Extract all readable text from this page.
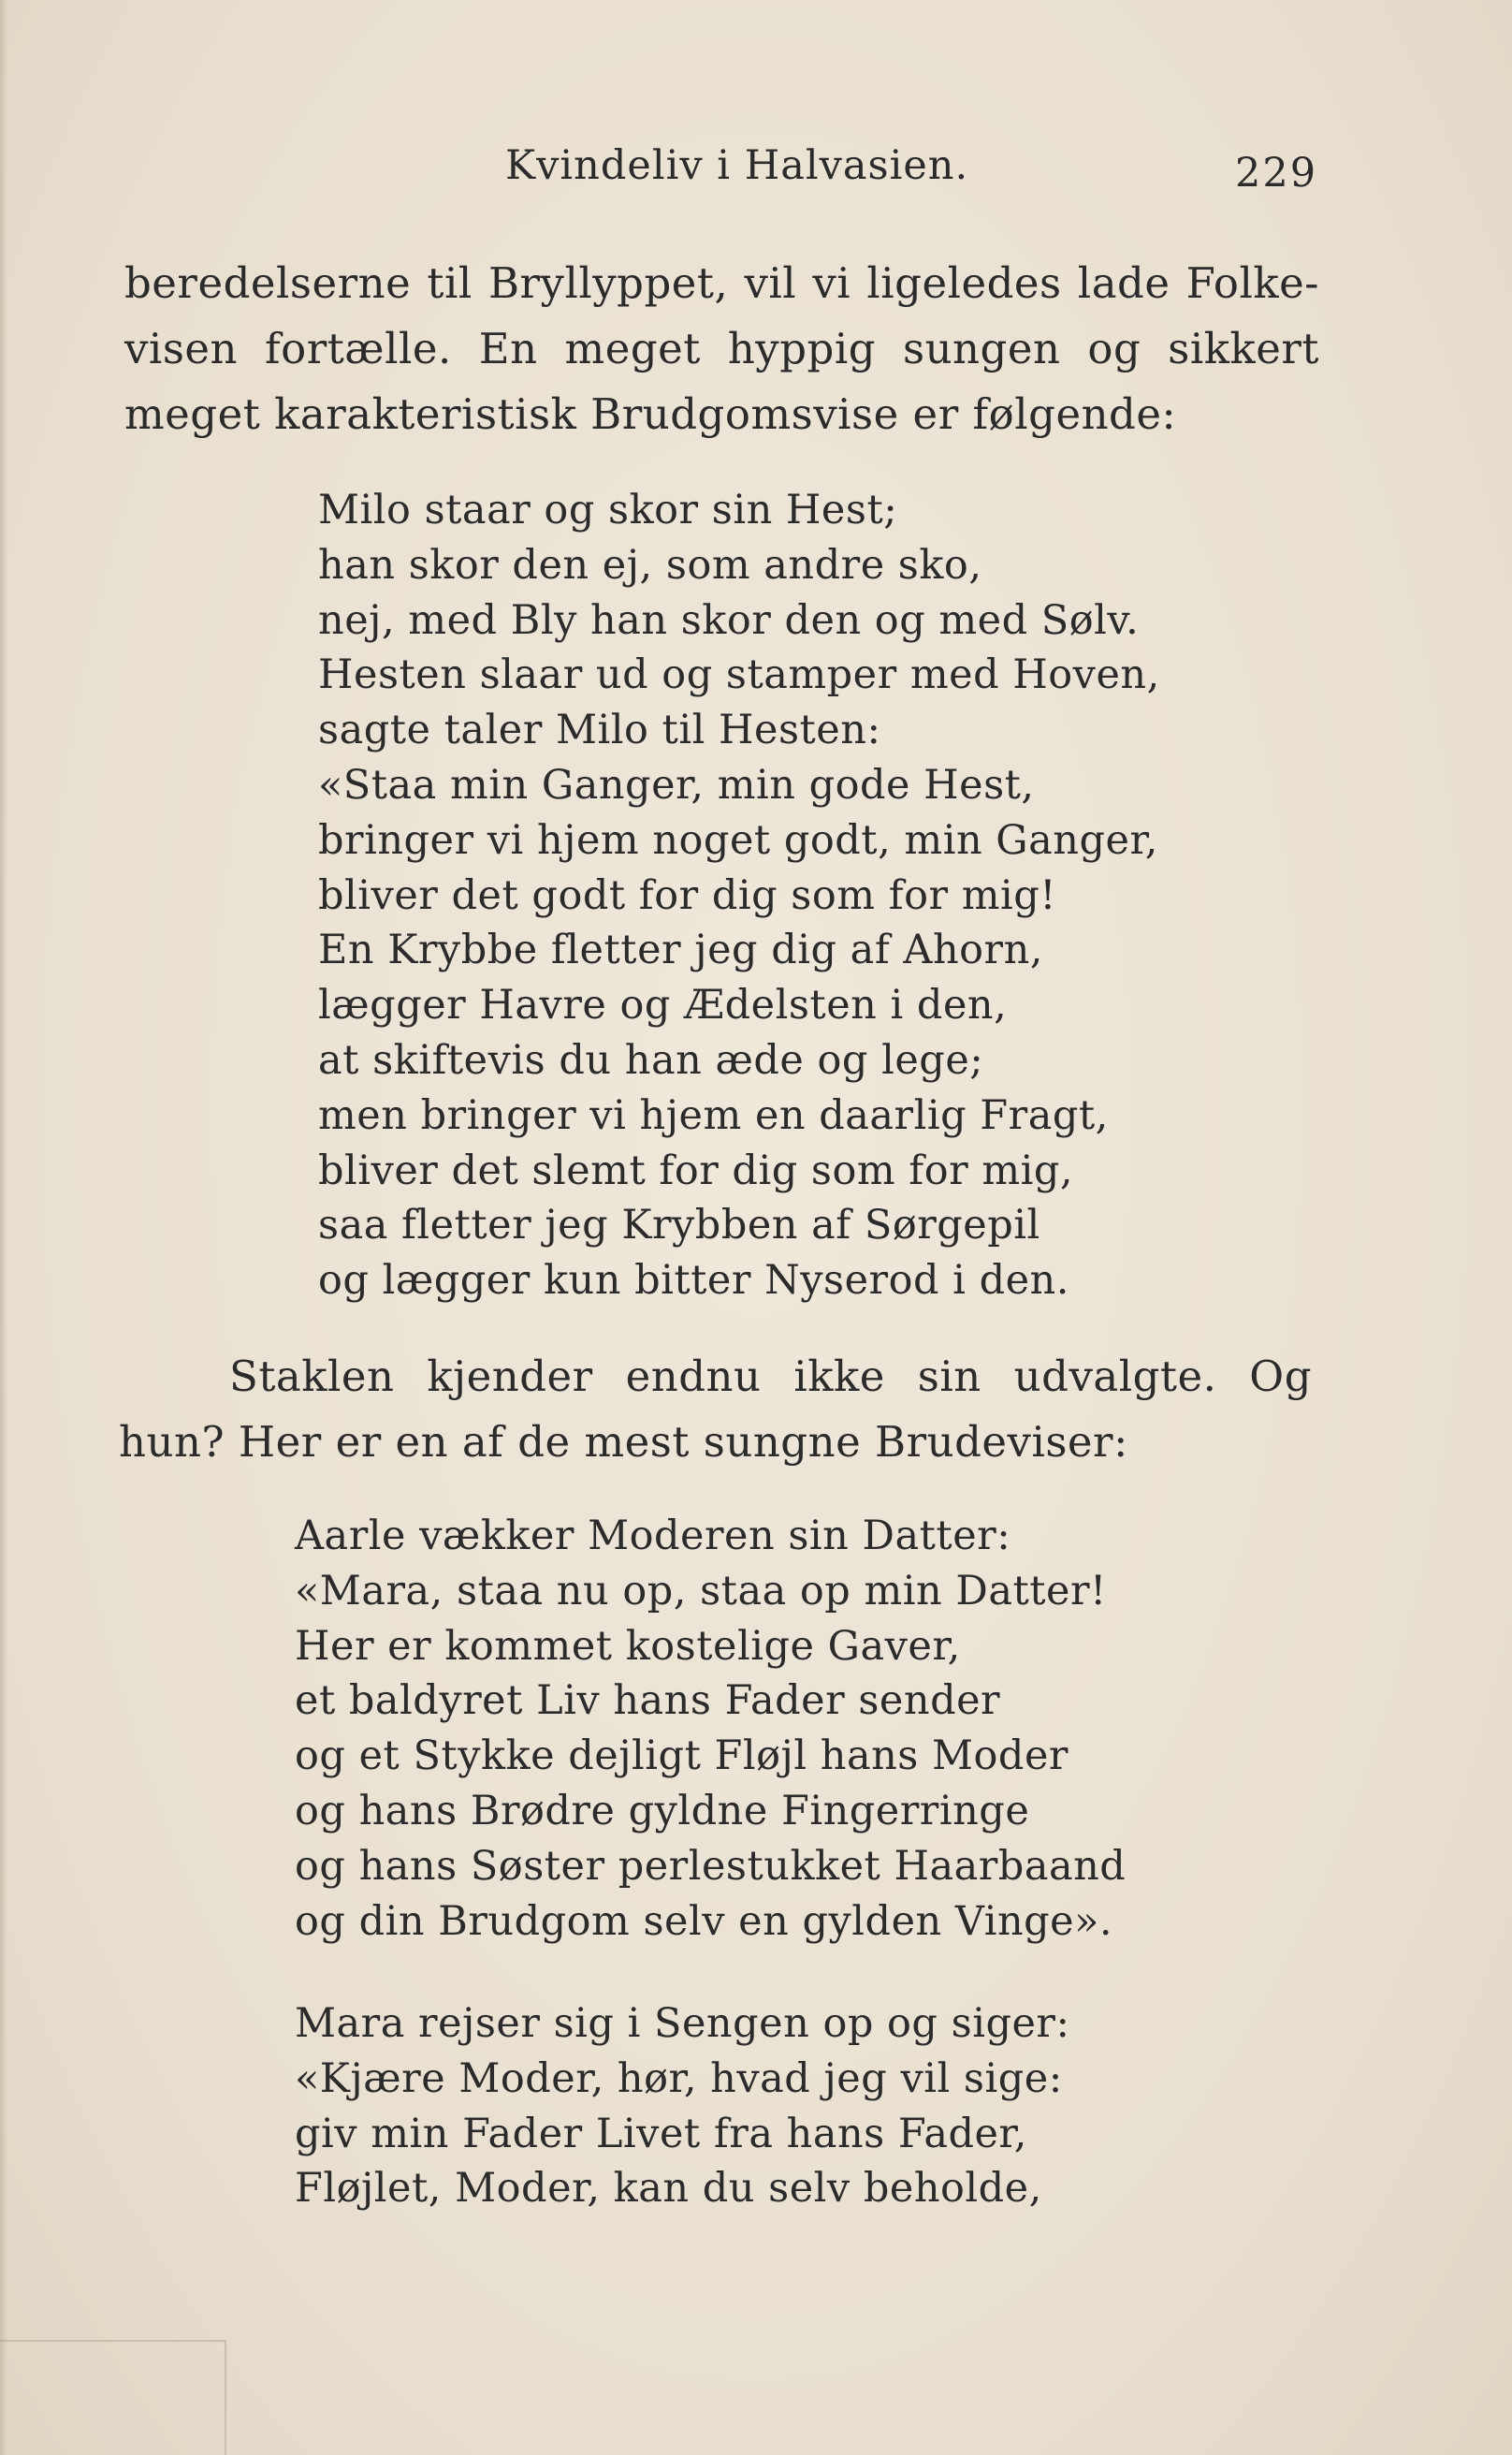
Kvindeliv i Halvasien.	229
beredelserne til Bryllyppet, vil vi ligeledes lade Folke-
visen fortælle. En meget hyppig sungen og sikkert
meget karakteristisk Brudgomsvise er følgende:
Milo staar og skor sin Hest;
han skor den ej, som andre sko,
nej, med Bly han skor den og med Sølv.
Hesten slaar ud og stamper med Hoven,
sagte taler Milo til Hesten:
«Staa min Ganger, min gode Hest,
bringer vi hjem noget godt, min Ganger,
bliver det godt for dig som for mig!
En Krybbe fletter jeg dig af Ahorn,
lægger Havre og Ædelsten i den,
at skiftevis du han æde og lege;
men bringer vi hjem en daarlig Fragt,
bliver det slemt for dig som for mig,
saa fletter jeg Krybben af Sørgepil
og lægger kun bitter Nyserod i den.
Staklen kjender endnu ikke sin udvalgte. Og
hun? Her er en af de mest sungne Brudeviser:
Aarle vækker Moderen sin Datter:
«Mara, staa nu op, staa op min Datter!
Her er kommet kostelige Gaver,
et baldyret Liv hans Fader sender
og et Stykke dejligt Fløjl hans Moder
og hans Brødre gyldne Fingerringe
og hans Søster perlestukket Haarbaand
og din Brudgom selv en gylden Vinge».
Mara rejser sig i Sengen op og siger:
«Kjære Moder, hør, hvad jeg vil sige:
giv min Fader Livet fra hans Fader,
Fløjlet, Moder, kan du selv beholde,
